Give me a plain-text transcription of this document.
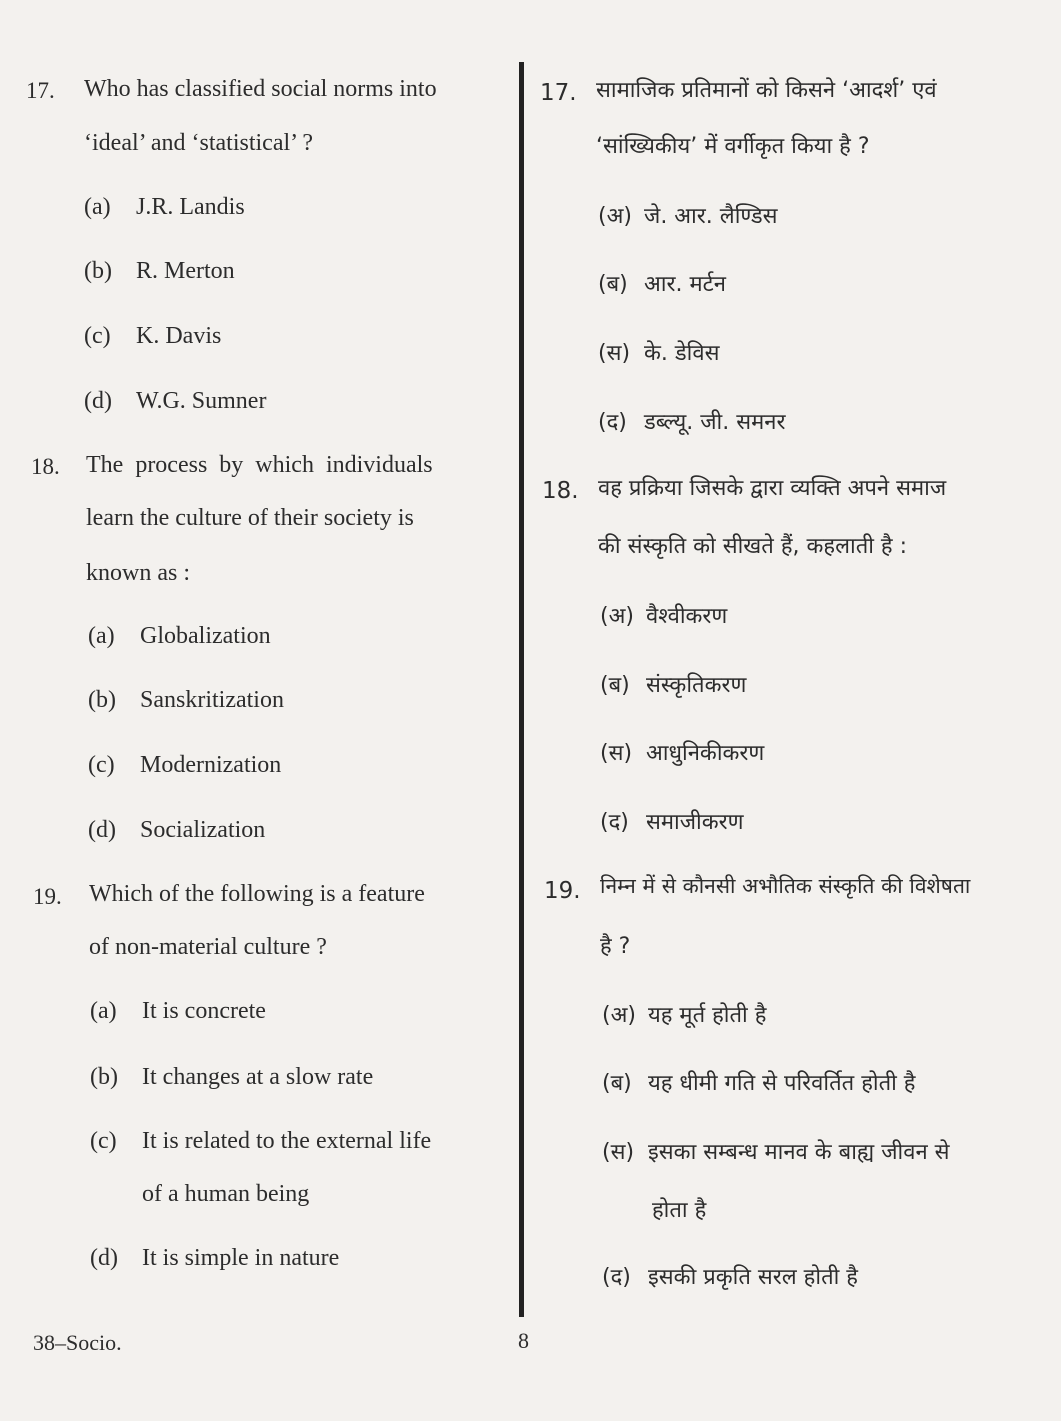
17. Who has classified social norms into
‘ideal’ and ‘statistical’ ?
(a) J.R. Landis
(b) R. Merton
(c) K. Davis
(d) W.G. Sumner
18. The process by which individuals
learn the culture of their society is
known as :
(a) Globalization
(b) Sanskritization
(c) Modernization
(d) Socialization
19. Which of the following is a feature
of non-material culture ?
(a) It is concrete
(b) It changes at a slow rate
(c) It is related to the external life
of a human being
(d) It is simple in nature
17. सामाजिक प्रतिमानों को किसने ‘आदर्श’ एवं
‘सांख्यिकीय’ में वर्गीकृत किया है ?
(अ) जे. आर. लैण्डिस
(ब) आर. मर्टन
(स) के. डेविस
(द) डब्ल्यू. जी. समनर
18. वह प्रक्रिया जिसके द्वारा व्यक्ति अपने समाज
की संस्कृति को सीखते हैं, कहलाती है :
(अ) वैश्वीकरण
(ब) संस्कृतिकरण
(स) आधुनिकीकरण
(द) समाजीकरण
19. निम्न में से कौनसी अभौतिक संस्कृति की विशेषता
है ?
(अ) यह मूर्त होती है
(ब) यह धीमी गति से परिवर्तित होती है
(स) इसका सम्बन्ध मानव के बाह्य जीवन से
होता है
(द) इसकी प्रकृति सरल होती है
38–Socio.	8
